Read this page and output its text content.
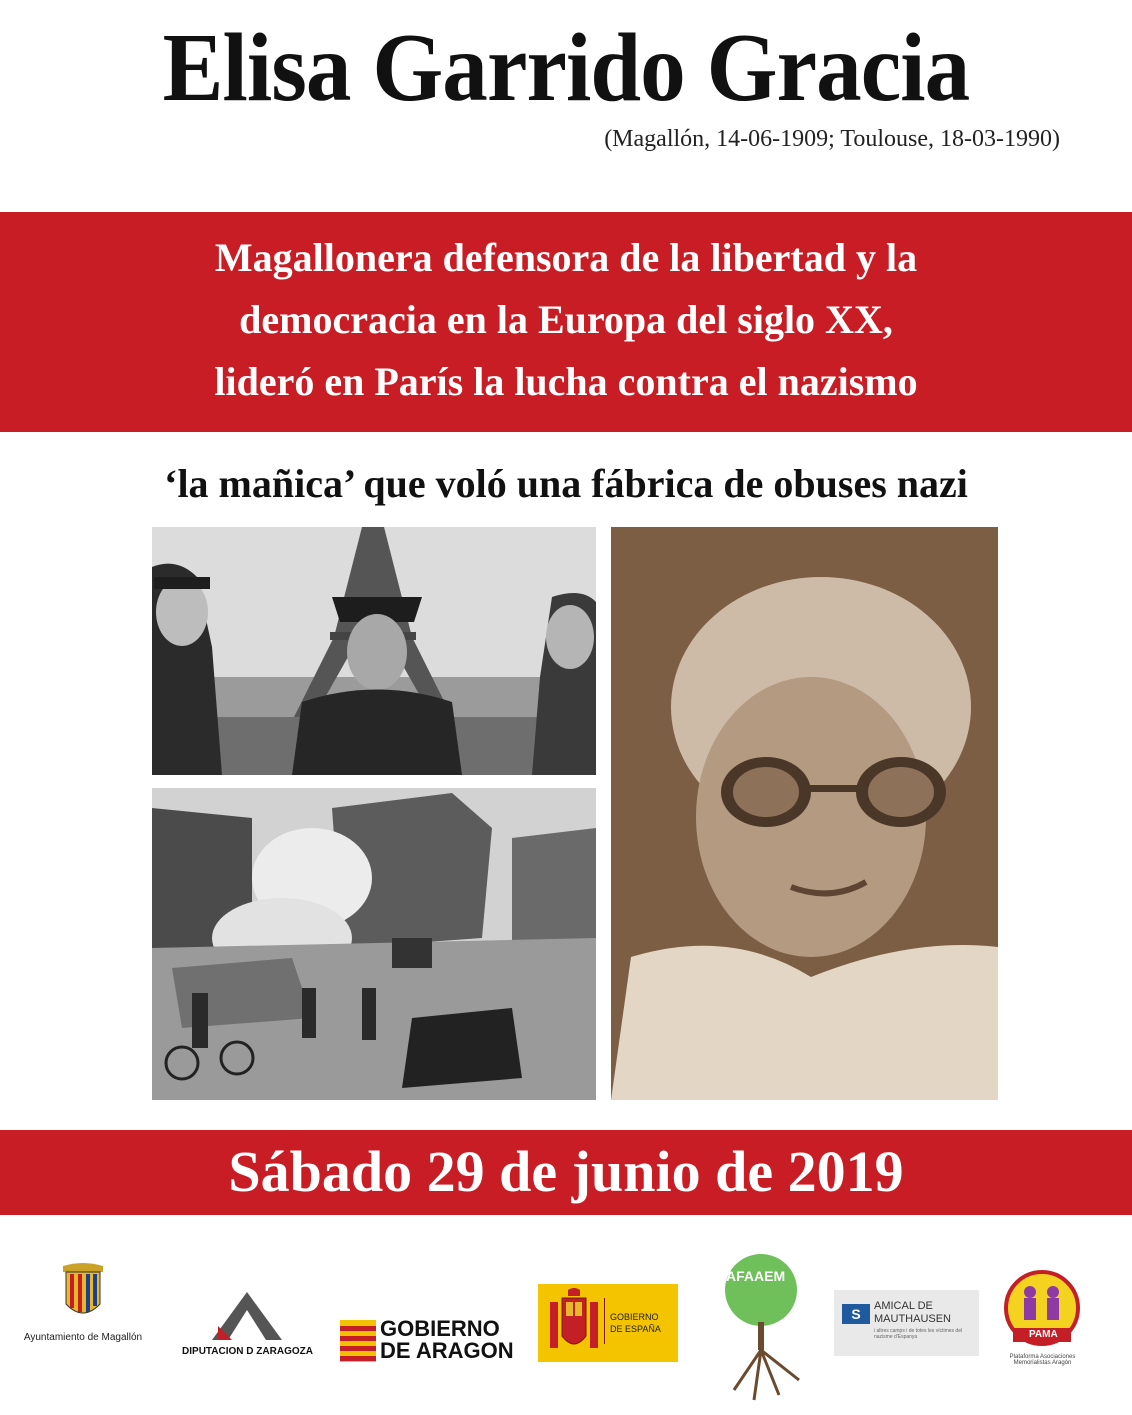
Elisa Garrido Gracia
(Magallón, 14-06-1909; Toulouse, 18-03-1990)
Magallonera defensora de la libertad y la
democracia en la Europa del siglo XX,
lideró en París la lucha contra el nazismo
‘la mañica’ que voló una fábrica de obuses nazi
Sábado 29 de junio de 2019
Ayuntamiento de Magallón
DIPUTACION D ZARAGOZA
GOBIERNO
DE ARAGON
GOBIERNO
DE ESPAÑA
AFAAEM
S	AMICAL DE
MAUTHAUSEN
i altres camps i de totes les víctimes del nazisme d'Espanya	PAMA
Plataforma Asociaciones Memorialistas Aragón
